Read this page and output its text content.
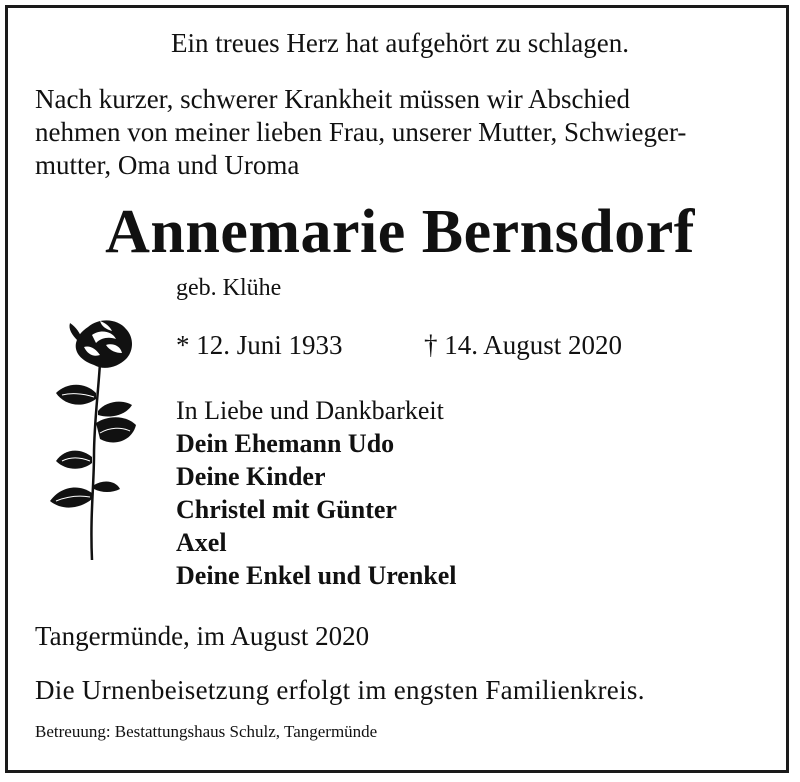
Ein treues Herz hat aufgehört zu schlagen.
Nach kurzer, schwerer Krankheit müssen wir Abschied
nehmen von meiner lieben Frau, unserer Mutter, Schwieger-
mutter, Oma und Uroma
Annemarie Bernsdorf
geb. Klühe
* 12. Juni 1933	† 14. August 2020
In Liebe und Dankbarkeit
Dein Ehemann Udo
Deine Kinder
Christel mit Günter
Axel
Deine Enkel und Urenkel
Tangermünde, im August 2020
Die Urnenbeisetzung erfolgt im engsten Familienkreis.
Betreuung: Bestattungshaus Schulz, Tangermünde
